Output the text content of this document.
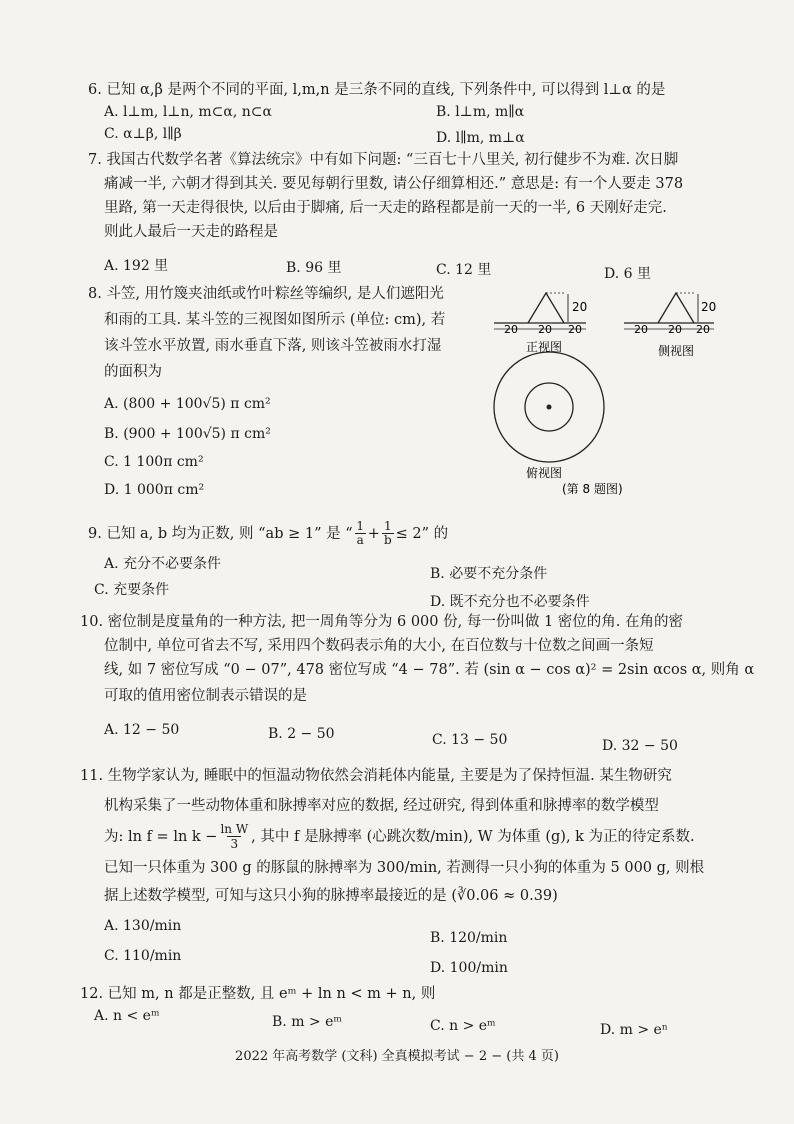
6. 已知 α,β 是两个不同的平面, l,m,n 是三条不同的直线, 下列条件中, 可以得到 l⊥α 的是
A. l⊥m, l⊥n, m⊂α, n⊂α	B. l⊥m, m∥α
C. α⊥β, l∥β	D. l∥m, m⊥α
7. 我国古代数学名著《算法统宗》中有如下问题: “三百七十八里关, 初行健步不为难. 次日脚
痛减一半, 六朝才得到其关. 要见每朝行里数, 请公仔细算相还.” 意思是: 有一个人要走 378
里路, 第一天走得很快, 以后由于脚痛, 后一天走的路程都是前一天的一半, 6 天刚好走完.
则此人最后一天走的路程是
A. 192 里	B. 96 里	C. 12 里	D. 6 里
8. 斗笠, 用竹篾夹油纸或竹叶粽丝等编织, 是人们遮阳光
和雨的工具. 某斗笠的三视图如图所示 (单位: cm), 若
该斗笠水平放置, 雨水垂直下落, 则该斗笠被雨水打湿
的面积为
A. (800 + 100√5) π cm²
B. (900 + 100√5) π cm²
C. 1 100π cm²
D. 1 000π cm²
20
20 20 20
正视图
20
20 20 20
侧视图
俯视图
(第 8 题图)
9. 已知 a, b 均为正数, 则 “ab ≥ 1” 是 “ $\frac{1}{a} + \frac{1}{b} \le 2$” 的
A. 充分不必要条件
B. 必要不充分条件
C. 充要条件
D. 既不充分也不必要条件
10. 密位制是度量角的一种方法, 把一周角等分为 6 000 份, 每一份叫做 1 密位的角. 在角的密
位制中, 单位可省去不写, 采用四个数码表示角的大小, 在百位数与十位数之间画一条短
线, 如 7 密位写成 “0 − 07”, 478 密位写成 “4 − 78”. 若 (sin α − cos α)² = 2sin αcos α, 则角 α
可取的值用密位制表示错误的是
A. 12 − 50	B. 2 − 50	C. 13 − 50	D. 32 − 50
11. 生物学家认为, 睡眠中的恒温动物依然会消耗体内能量, 主要是为了保持恒温. 某生物研究
机构采集了一些动物体重和脉搏率对应的数据, 经过研究, 得到体重和脉搏率的数学模型
为: $\ln f = \ln k - \frac{\text{ln W}}{3}$ , 其中 f 是脉搏率 (心跳次数/min), W 为体重 (g), k 为正的待定系数.
已知一只体重为 300 g 的豚鼠的脉搏率为 300/min, 若测得一只小狗的体重为 5 000 g, 则根
据上述数学模型, 可知与这只小狗的脉搏率最接近的是 (∛0.06 ≈ 0.39)
A. 130/min
B. 120/min
C. 110/min
D. 100/min
12. 已知 m, n 都是正整数, 且 eᵐ + ln n < m + n, 则
A. n < eᵐ	B. m > eᵐ	C. n > eᵐ	D. m > eⁿ
2022 年高考数学 (文科) 全真模拟考试 − 2 − (共 4 页)
